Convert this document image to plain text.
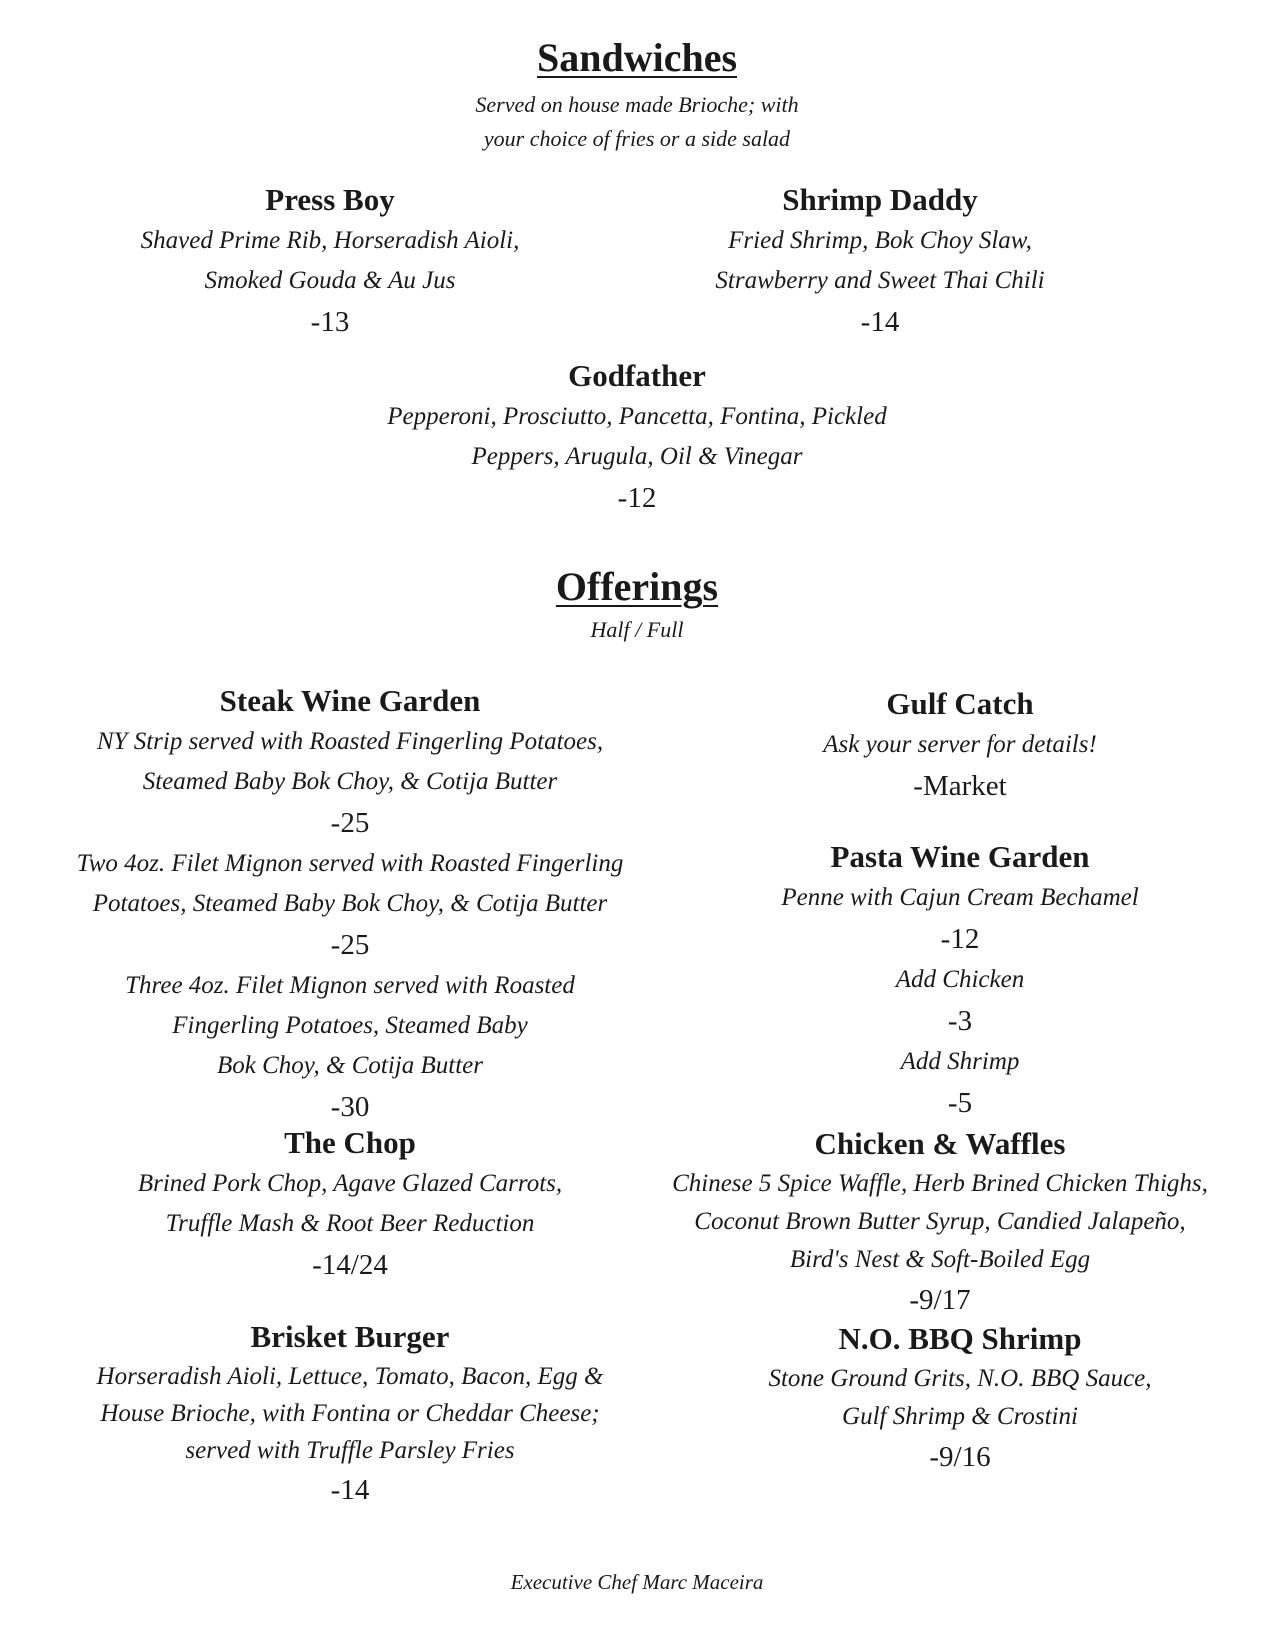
Sandwiches
Served on house made Brioche; with
your choice of fries or a side salad
Press Boy
Shaved Prime Rib, Horseradish Aioli,
Smoked Gouda & Au Jus
-13
Shrimp Daddy
Fried Shrimp, Bok Choy Slaw,
Strawberry and Sweet Thai Chili
-14
Godfather
Pepperoni, Prosciutto, Pancetta, Fontina, Pickled
Peppers, Arugula, Oil & Vinegar
-12
Offerings
Half / Full
Steak Wine Garden
NY Strip served with Roasted Fingerling Potatoes,
Steamed Baby Bok Choy, & Cotija Butter
-25
Two 4oz. Filet Mignon served with Roasted Fingerling
Potatoes, Steamed Baby Bok Choy, & Cotija Butter
-25
Three 4oz. Filet Mignon served with Roasted
Fingerling Potatoes, Steamed Baby
Bok Choy, & Cotija Butter
-30
The Chop
Brined Pork Chop, Agave Glazed Carrots,
Truffle Mash & Root Beer Reduction
-14/24
Brisket Burger
Horseradish Aioli, Lettuce, Tomato, Bacon, Egg &
House Brioche, with Fontina or Cheddar Cheese;
served with Truffle Parsley Fries
-14
Gulf Catch
Ask your server for details!
-Market
Pasta Wine Garden
Penne with Cajun Cream Bechamel
-12
Add Chicken
-3
Add Shrimp
-5
Chicken & Waffles
Chinese 5 Spice Waffle, Herb Brined Chicken Thighs,
Coconut Brown Butter Syrup, Candied Jalapeño,
Bird's Nest & Soft-Boiled Egg
-9/17
N.O. BBQ Shrimp
Stone Ground Grits, N.O. BBQ Sauce,
Gulf Shrimp & Crostini
-9/16
Executive Chef Marc Maceira
